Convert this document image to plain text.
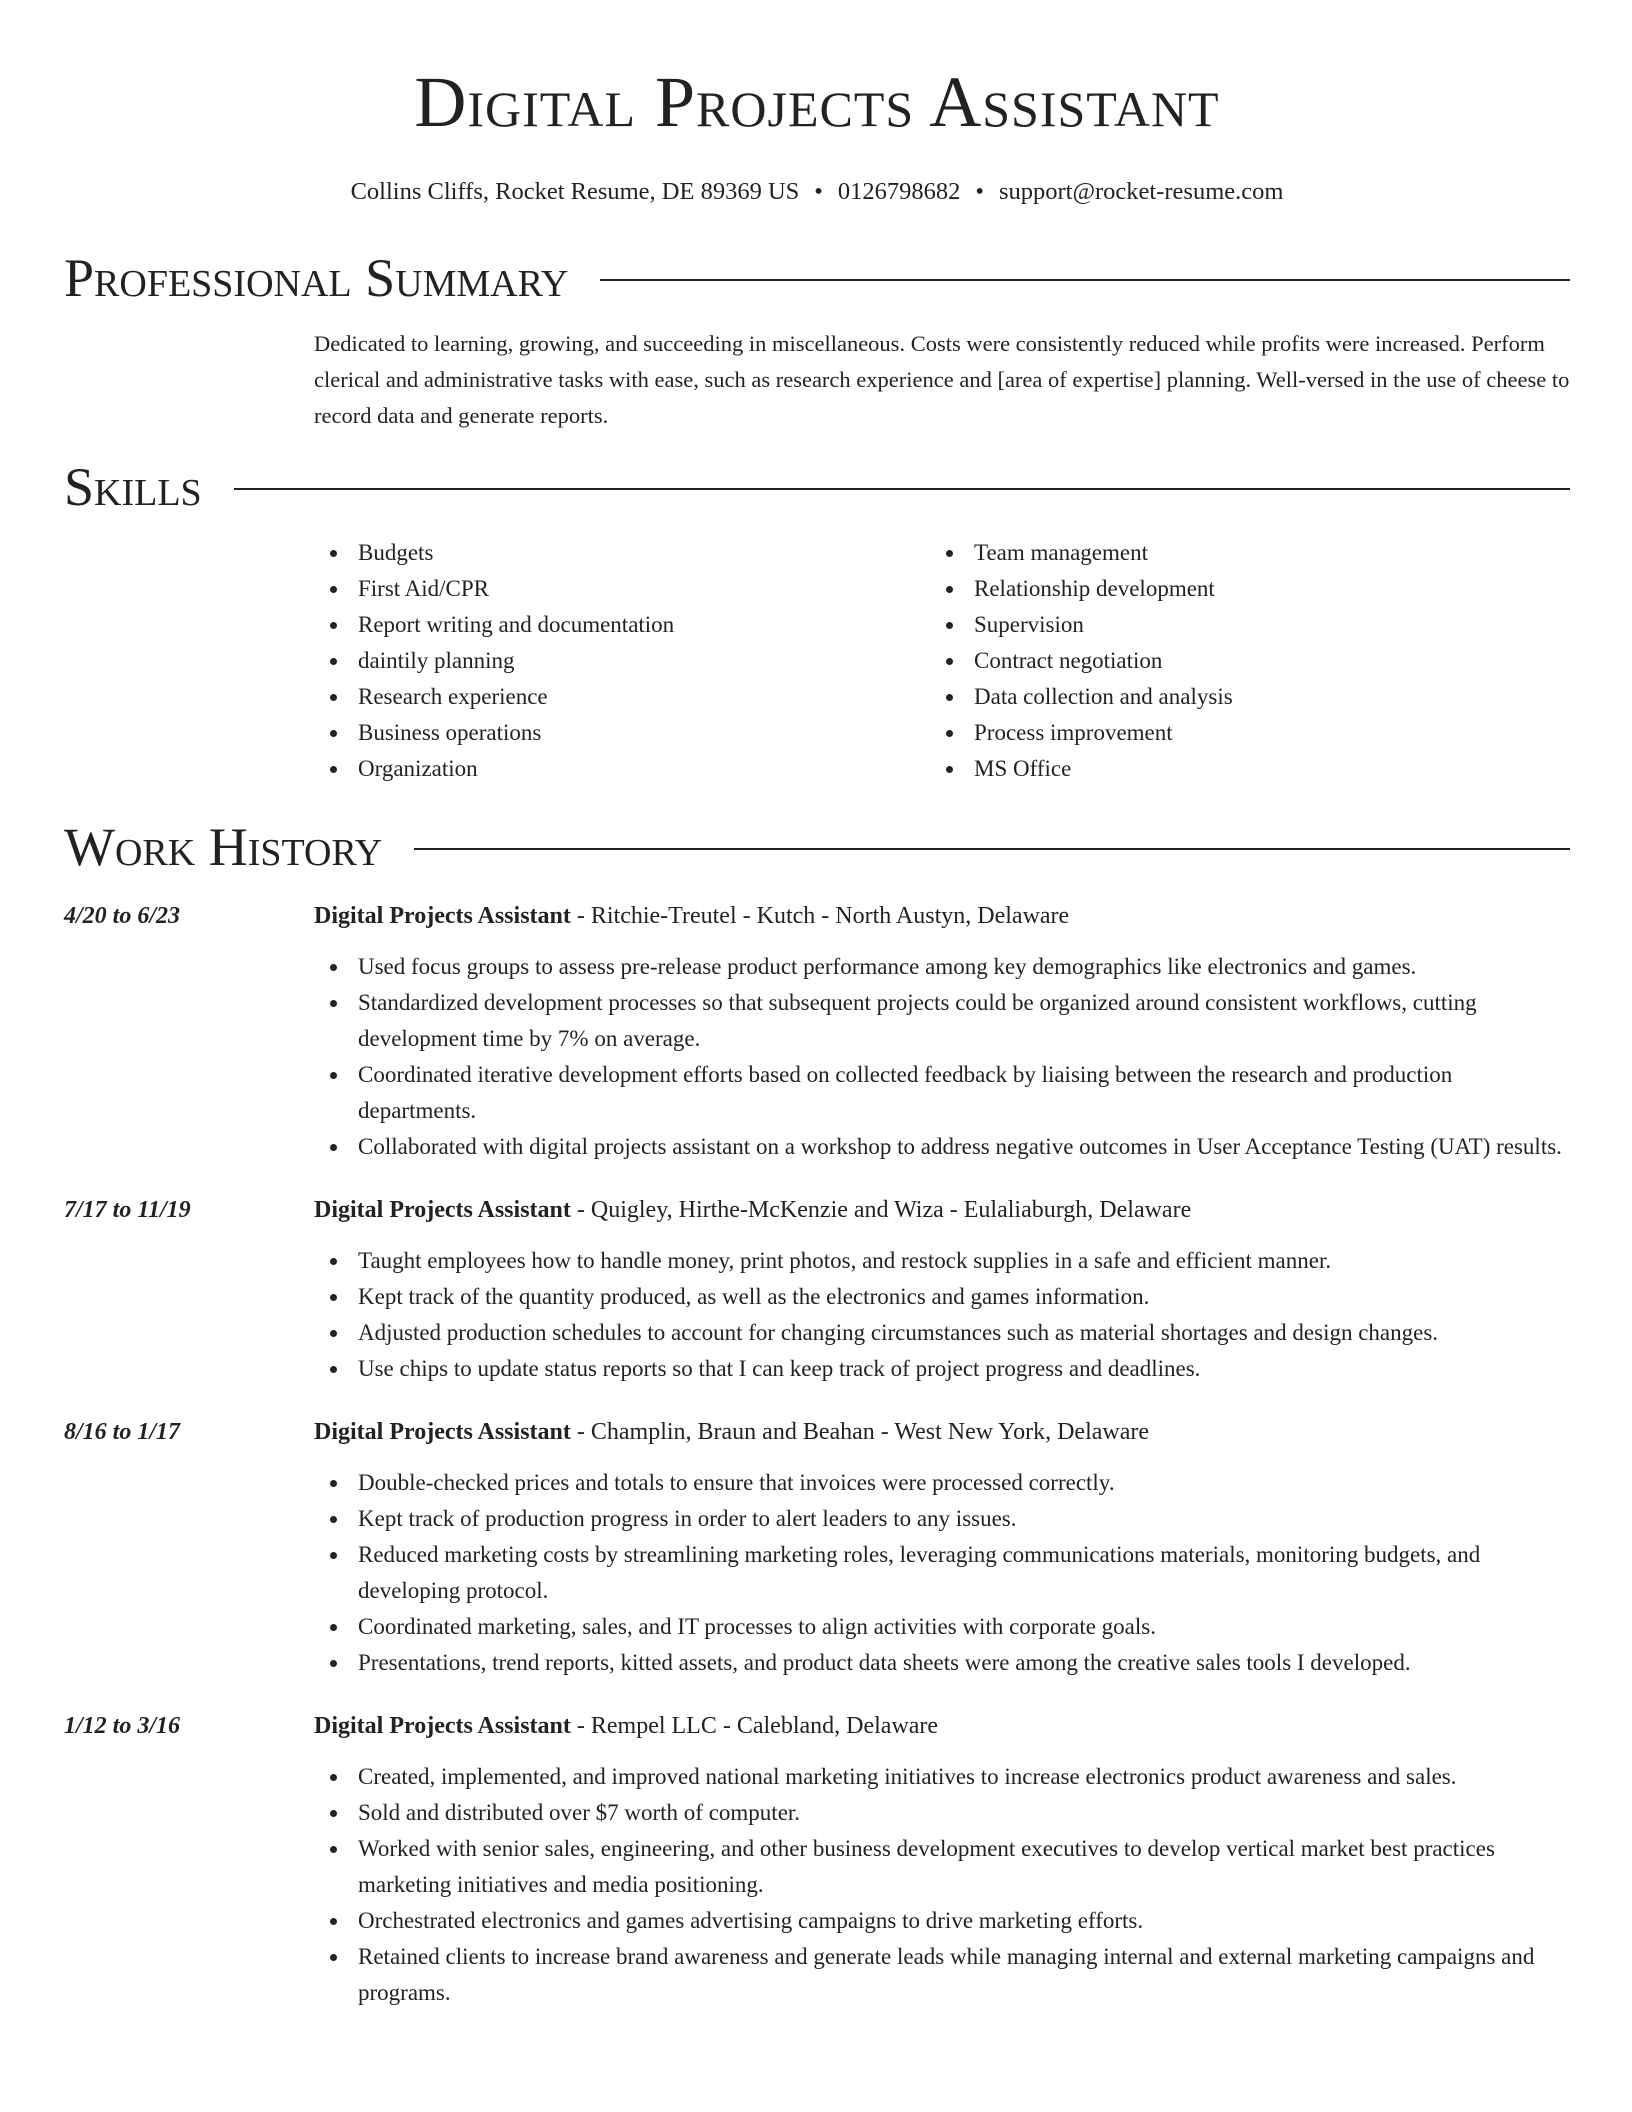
Digital Projects Assistant
Collins Cliffs, Rocket Resume, DE 89369 US • 0126798682 • support@rocket-resume.com
Professional Summary

Dedicated to learning, growing, and succeeding in miscellaneous. Costs were consistently reduced while profits were increased. Perform clerical and administrative tasks with ease, such as research experience and [area of expertise] planning. Well-versed in the use of cheese to record data and generate reports.

Skills
Budgets
First Aid/CPR
Report writing and documentation
daintily planning
Research experience
Business operations
Organization
Team management
Relationship development
Supervision
Contract negotiation
Data collection and analysis
Process improvement
MS Office
Work History
4/20 to 6/23	Digital Projects Assistant - Ritchie-Treutel - Kutch - North Austyn, Delaware
Used focus groups to assess pre-release product performance among key demographics like electronics and games.
Standardized development processes so that subsequent projects could be organized around consistent workflows, cutting development time by 7% on average.
Coordinated iterative development efforts based on collected feedback by liaising between the research and production departments.
Collaborated with digital projects assistant on a workshop to address negative outcomes in User Acceptance Testing (UAT) results.
7/17 to 11/19	Digital Projects Assistant - Quigley, Hirthe-McKenzie and Wiza - Eulaliaburgh, Delaware
Taught employees how to handle money, print photos, and restock supplies in a safe and efficient manner.
Kept track of the quantity produced, as well as the electronics and games information.
Adjusted production schedules to account for changing circumstances such as material shortages and design changes.
Use chips to update status reports so that I can keep track of project progress and deadlines.
8/16 to 1/17	Digital Projects Assistant - Champlin, Braun and Beahan - West New York, Delaware
Double-checked prices and totals to ensure that invoices were processed correctly.
Kept track of production progress in order to alert leaders to any issues.
Reduced marketing costs by streamlining marketing roles, leveraging communications materials, monitoring budgets, and developing protocol.
Coordinated marketing, sales, and IT processes to align activities with corporate goals.
Presentations, trend reports, kitted assets, and product data sheets were among the creative sales tools I developed.
1/12 to 3/16	Digital Projects Assistant - Rempel LLC - Calebland, Delaware
Created, implemented, and improved national marketing initiatives to increase electronics product awareness and sales.
Sold and distributed over $7 worth of computer.
Worked with senior sales, engineering, and other business development executives to develop vertical market best practices marketing initiatives and media positioning.
Orchestrated electronics and games advertising campaigns to drive marketing efforts.
Retained clients to increase brand awareness and generate leads while managing internal and external marketing campaigns and programs.
